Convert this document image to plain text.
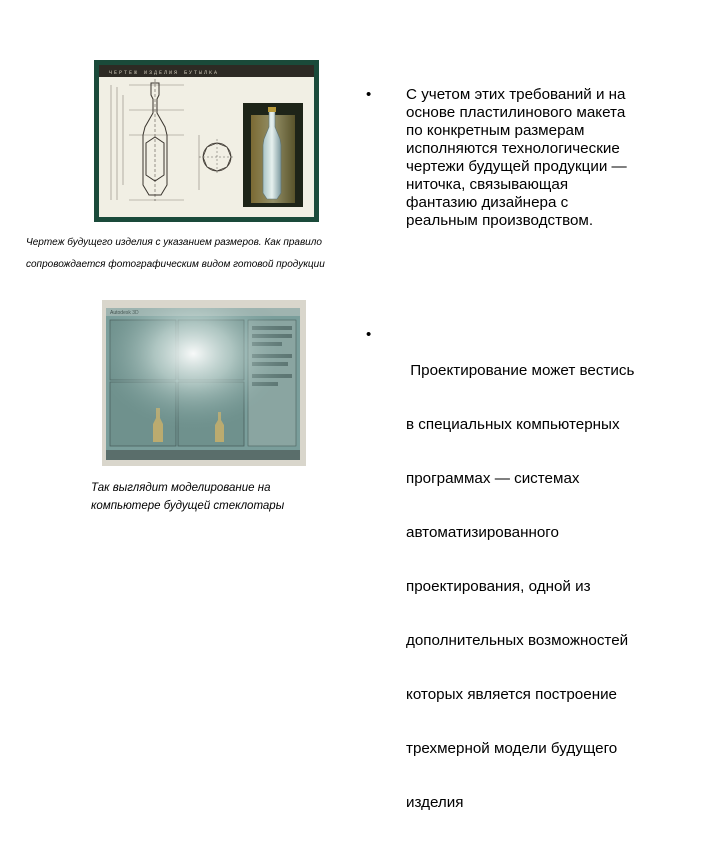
ЧЕРТЕЖ ИЗДЕЛИЯ БУТЫЛКА
Чертеж будущего изделия с указанием размеров. Как правило
сопровождается фотографическим видом готовой продукции
Так выглядит моделирование на
компьютере будущей стеклотары
• С учетом этих требований и на
основе пластилинового макета
по конкретным размерам
исполняются технологические
чертежи будущей продукции —
ниточка, связывающая
фантазию дизайнера с
реальным производством.
•

Проектирование может вестись

в специальных компьютерных

программах — системах

автоматизированного

проектирования, одной из

дополнительных возможностей

которых является построение

трехмерной модели будущего

изделия
